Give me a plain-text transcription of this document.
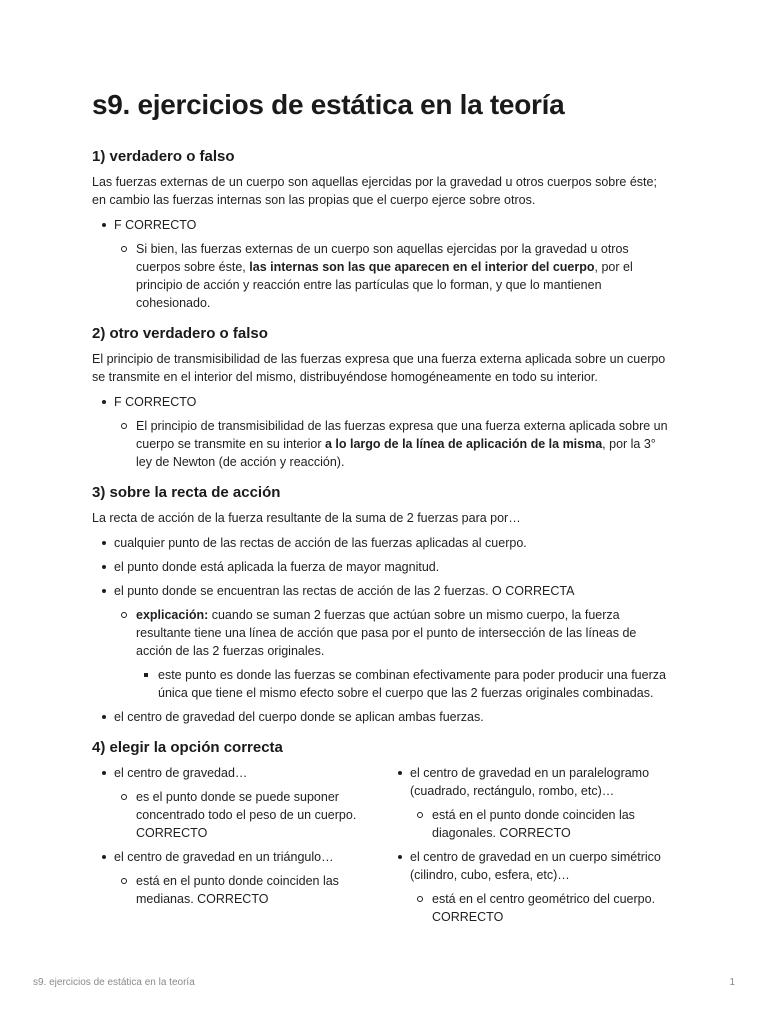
s9. ejercicios de estática en la teoría
1) verdadero o falso

Las fuerzas externas de un cuerpo son aquellas ejercidas por la gravedad u otros cuerpos sobre éste; en cambio las fuerzas internas son las propias que el cuerpo ejerce sobre otros.

F CORRECTO
Si bien, las fuerzas externas de un cuerpo son aquellas ejercidas por la gravedad u otros cuerpos sobre éste, las internas son las que aparecen en el interior del cuerpo, por el principio de acción y reacción entre las partículas que lo forman, y que lo mantienen cohesionado.
2) otro verdadero o falso

El principio de transmisibilidad de las fuerzas expresa que una fuerza externa aplicada sobre un cuerpo se transmite en el interior del mismo, distribuyéndose homogéneamente en todo su interior.

F CORRECTO
El principio de transmisibilidad de las fuerzas expresa que una fuerza externa aplicada sobre un cuerpo se transmite en su interior a lo largo de la línea de aplicación de la misma, por la 3° ley de Newton (de acción y reacción).
3) sobre la recta de acción

La recta de acción de la fuerza resultante de la suma de 2 fuerzas para por…

cualquier punto de las rectas de acción de las fuerzas aplicadas al cuerpo.
el punto donde está aplicada la fuerza de mayor magnitud.
el punto donde se encuentran las rectas de acción de las 2 fuerzas. O CORRECTA
explicación: cuando se suman 2 fuerzas que actúan sobre un mismo cuerpo, la fuerza resultante tiene una línea de acción que pasa por el punto de intersección de las líneas de acción de las 2 fuerzas originales.
este punto es donde las fuerzas se combinan efectivamente para poder producir una fuerza única que tiene el mismo efecto sobre el cuerpo que las 2 fuerzas originales combinadas.
el centro de gravedad del cuerpo donde se aplican ambas fuerzas.
4) elegir la opción correcta
el centro de gravedad…
es el punto donde se puede suponer concentrado todo el peso de un cuerpo. CORRECTO
el centro de gravedad en un triángulo…
está en el punto donde coinciden las medianas. CORRECTO
el centro de gravedad en un paralelogramo (cuadrado, rectángulo, rombo, etc)…
está en el punto donde coinciden las diagonales. CORRECTO
el centro de gravedad en un cuerpo simétrico (cilindro, cubo, esfera, etc)…
está en el centro geométrico del cuerpo. CORRECTO
s9. ejercicios de estática en la teoría	1
